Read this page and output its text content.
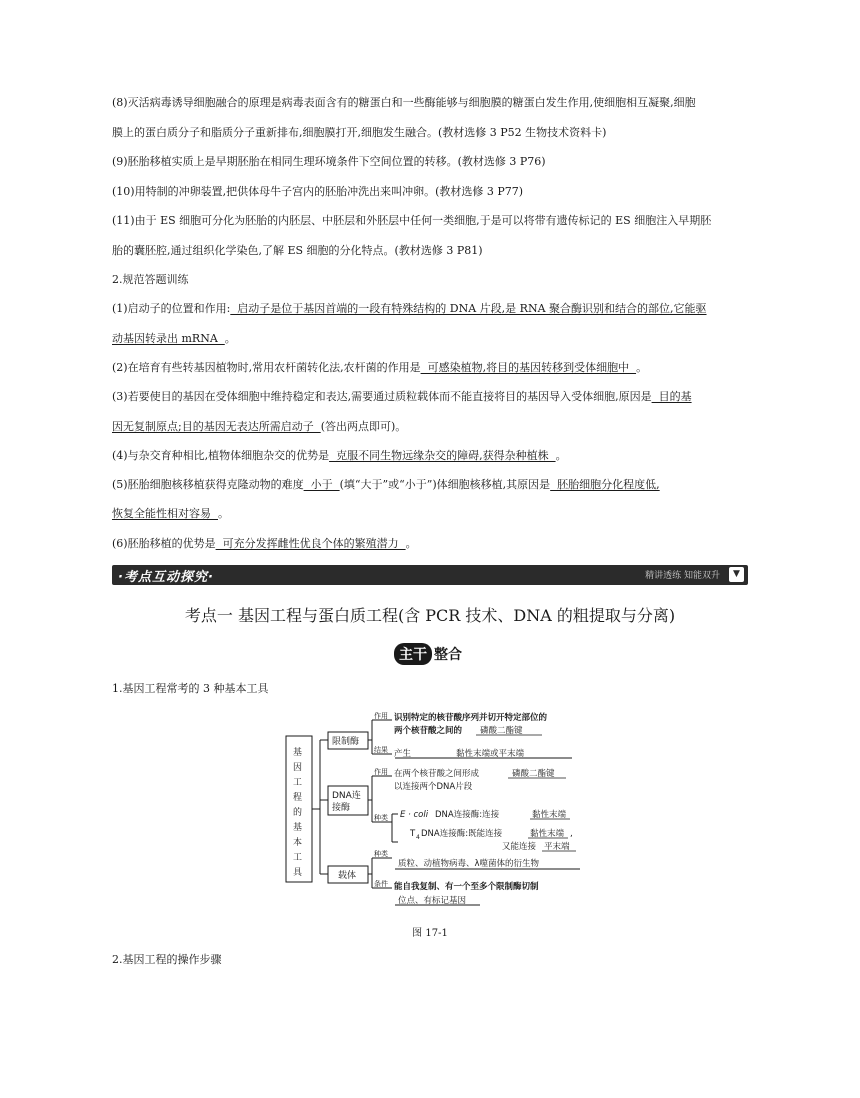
(8)灭活病毒诱导细胞融合的原理是病毒表面含有的糖蛋白和一些酶能够与细胞膜的糖蛋白发生作用,使细胞相互凝聚,细胞
膜上的蛋白质分子和脂质分子重新排布,细胞膜打开,细胞发生融合。(教材选修 3 P52 生物技术资料卡)
(9)胚胎移植实质上是早期胚胎在相同生理环境条件下空间位置的转移。(教材选修 3 P76)
(10)用特制的冲卵装置,把供体母牛子宫内的胚胎冲洗出来叫冲卵。(教材选修 3 P77)
(11)由于 ES 细胞可分化为胚胎的内胚层、中胚层和外胚层中任何一类细胞,于是可以将带有遗传标记的 ES 细胞注入早期胚
胎的囊胚腔,通过组织化学染色,了解 ES 细胞的分化特点。(教材选修 3 P81)
2.规范答题训练
(1)启动子的位置和作用:  启动子是位于基因首端的一段有特殊结构的 DNA 片段,是 RNA 聚合酶识别和结合的部位,它能驱
动基因转录出 mRNA  。
(2)在培育有些转基因植物时,常用农杆菌转化法,农杆菌的作用是  可感染植物,将目的基因转移到受体细胞中  。
(3)若要使目的基因在受体细胞中维持稳定和表达,需要通过质粒载体而不能直接将目的基因导入受体细胞,原因是  目的基
因无复制原点;目的基因无表达所需启动子  (答出两点即可)。
(4)与杂交育种相比,植物体细胞杂交的优势是  克服不同生物远缘杂交的障碍,获得杂种植株  。
(5)胚胎细胞核移植获得克隆动物的难度  小于  (填“大于”或“小于”)体细胞核移植,其原因是  胚胎细胞分化程度低,
恢复全能性相对容易  。
(6)胚胎移植的优势是  可充分发挥雌性优良个体的繁殖潜力  。
·考点互动探究·	精讲透练 知能双升	▼
考点一 基因工程与蛋白质工程(含 PCR 技术、DNA 的粗提取与分离)
主干 整合
1.基因工程常考的 3 种基本工具
基
因
工
程
的
基
本
工
具
限制酶
DNA连
接酶
载体
作用
结果
作用
种类
种类
条件
识别特定的核苷酸序列并切开特定部位的
两个核苷酸之间的 磷酸二酯键
产生	黏性末端或平末端
在两个核苷酸之间形成	磷酸二酯键
以连接两个DNA片段
E · coli DNA连接酶:连接	黏性末端
T 4 DNA连接酶:既能连接	黏性末端 ,
又能连接 平末端
质粒、动植物病毒、λ噬菌体的衍生物
能自我复制、有一个至多个限制酶切制
位点、有标记基因
图 17-1
2.基因工程的操作步骤
